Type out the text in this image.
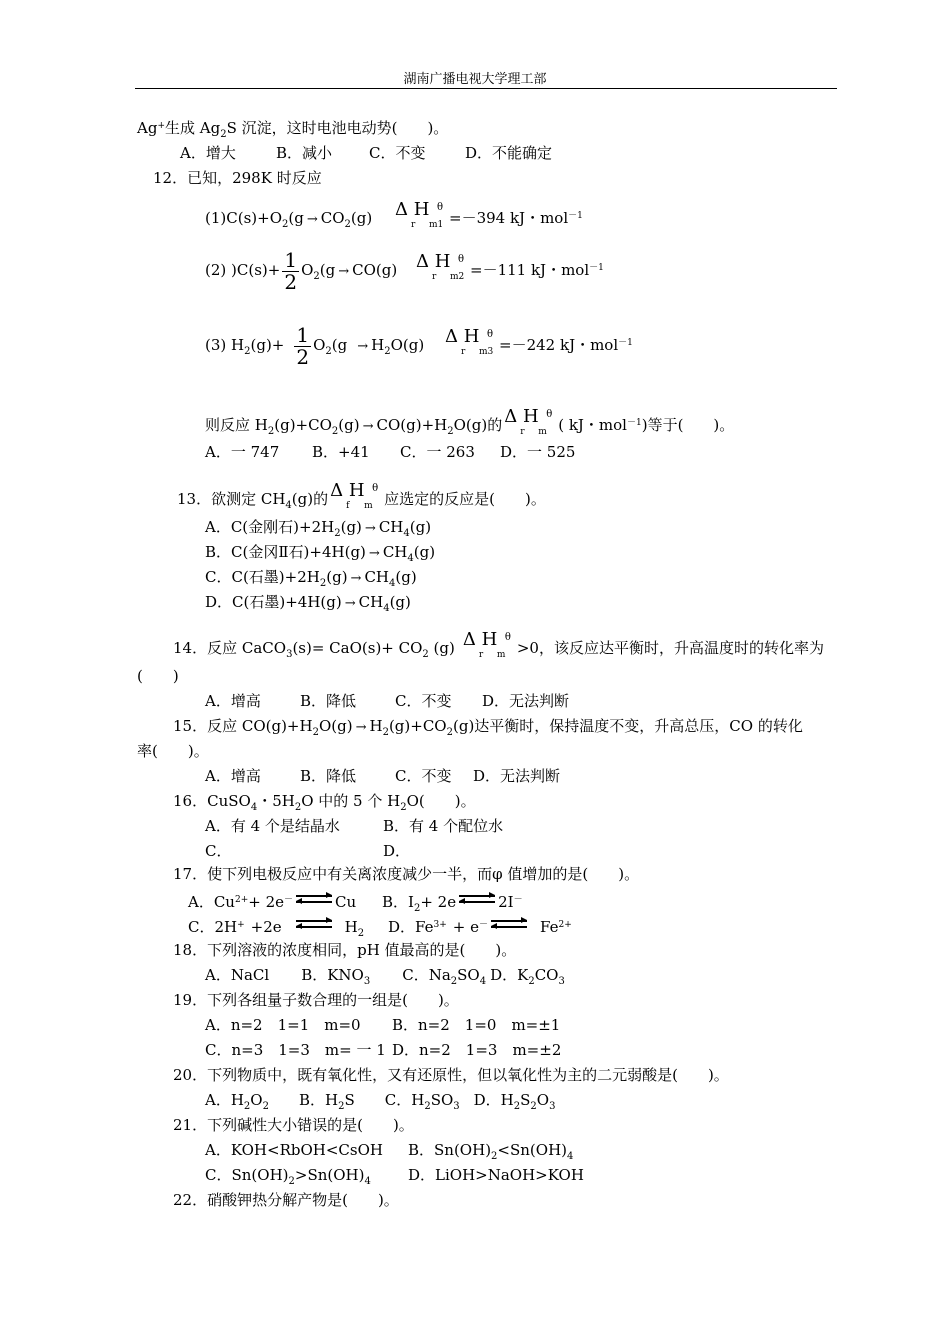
湖南广播电视大学理工部
Ag+生成 $Ag_2S$ 沉淀，这时电池电动势(　　)。
A．增大	B．减小 C．不变	D．不能确定
12．已知，298K 时反应
$(1)C(s)+O_2(g \to CO_2(g)$ Δ H θ
r m1 =－394 kJ・mol$^{-1}$
(2) )$C(s)+ \frac{1}{2} O_2(g \to CO(g)$ Δ H θ
r m2 =－111 kJ・mol$^{-1}$
(3) $H_2(g)+ \frac{1}{2} O_2(g \to H_2O(g)$ Δ H θ
r m3 =－242 kJ・mol$^{-1}$
则反应 $H_2(g)+CO_2(g) \to CO(g)+H_2O(g)$的 Δ H θ
r m ( kJ・mol$^{-1}$)等于(　　)。
A．一 747 B．+41 C．一 263 D．一 525
13．欲测定 $CH_4(g)$的 Δ H θ
f m 应选定的反应是(　　)。
A．C(金刚石)$+2H_2(g) \to CH_4(g)$
B．C(金冈Ⅱ石)$+4H(g) \to CH_4(g)$
C．C(石墨)$+2H_2(g) \to CH_4(g)$
D．C(石墨)$+4H(g) \to CH_4(g)$
14．反应 CaCO$_3$(s)= $CaO(s)+ CO_2$ (g) Δ H θ
r m >0，该反应达平衡时，升高温度时的转化率为
(　　)
A．增高	B．降低	C．不变 D．无法判断
15．反应 $CO(g)+H_2O(g) \to H_2(g)+CO_2(g)$达平衡时，保持温度不变，升高总压，CO 的转化
率(　　)。
A．增高	B．降低	C．不变 D．无法判断
16．CuSO$_4$・$5H_2O$ 中的 5 个 $H_2O$(　　)。
A．有 4 个是结晶水	B．有 4 个配位水
C．	D．
17．使下列电极反应中有关离浓度减少一半，而φ 值增加的是(　　)。
A．$Cu^{2+}+ 2e^-$ ⇌ Cu B．$I_2+ 2e$ ⇌ 2I－
C．2H+ +2e ⇌ $H_2$ D．$Fe^{3+} + e^-$ ⇌ $Fe^{2+}$
18．下列溶液的浓度相同，pH 值最高的是(　　)。
A．NaCl B．$KNO_3$ C．$Na_2SO_4$ D．$K_2CO_3$
19．下列各组量子数合理的一组是(　　)。
A．n=2　1=1　m=0 B．n=2　1=0　m=±1
C．n=3　1=3　m= 一 1 D．n=2　1=3　m=±2
20．下列物质中，既有氧化性，又有还原性，但以氧化性为主的二元弱酸是(　　)。
A．$H_2O_2$ B．$H_2S$ C．$H_2SO_3$ D．$H_2S_2O_3$
21．下列碱性大小错误的是(　　)。
A．KOH<RbOH<CsOH B．$Sn(OH)_2<Sn(OH)_4$
C．$Sn(OH)_2>Sn(OH)_4$ D．LiOH>NaOH>KOH
22．硝酸钾热分解产物是(　　)。
